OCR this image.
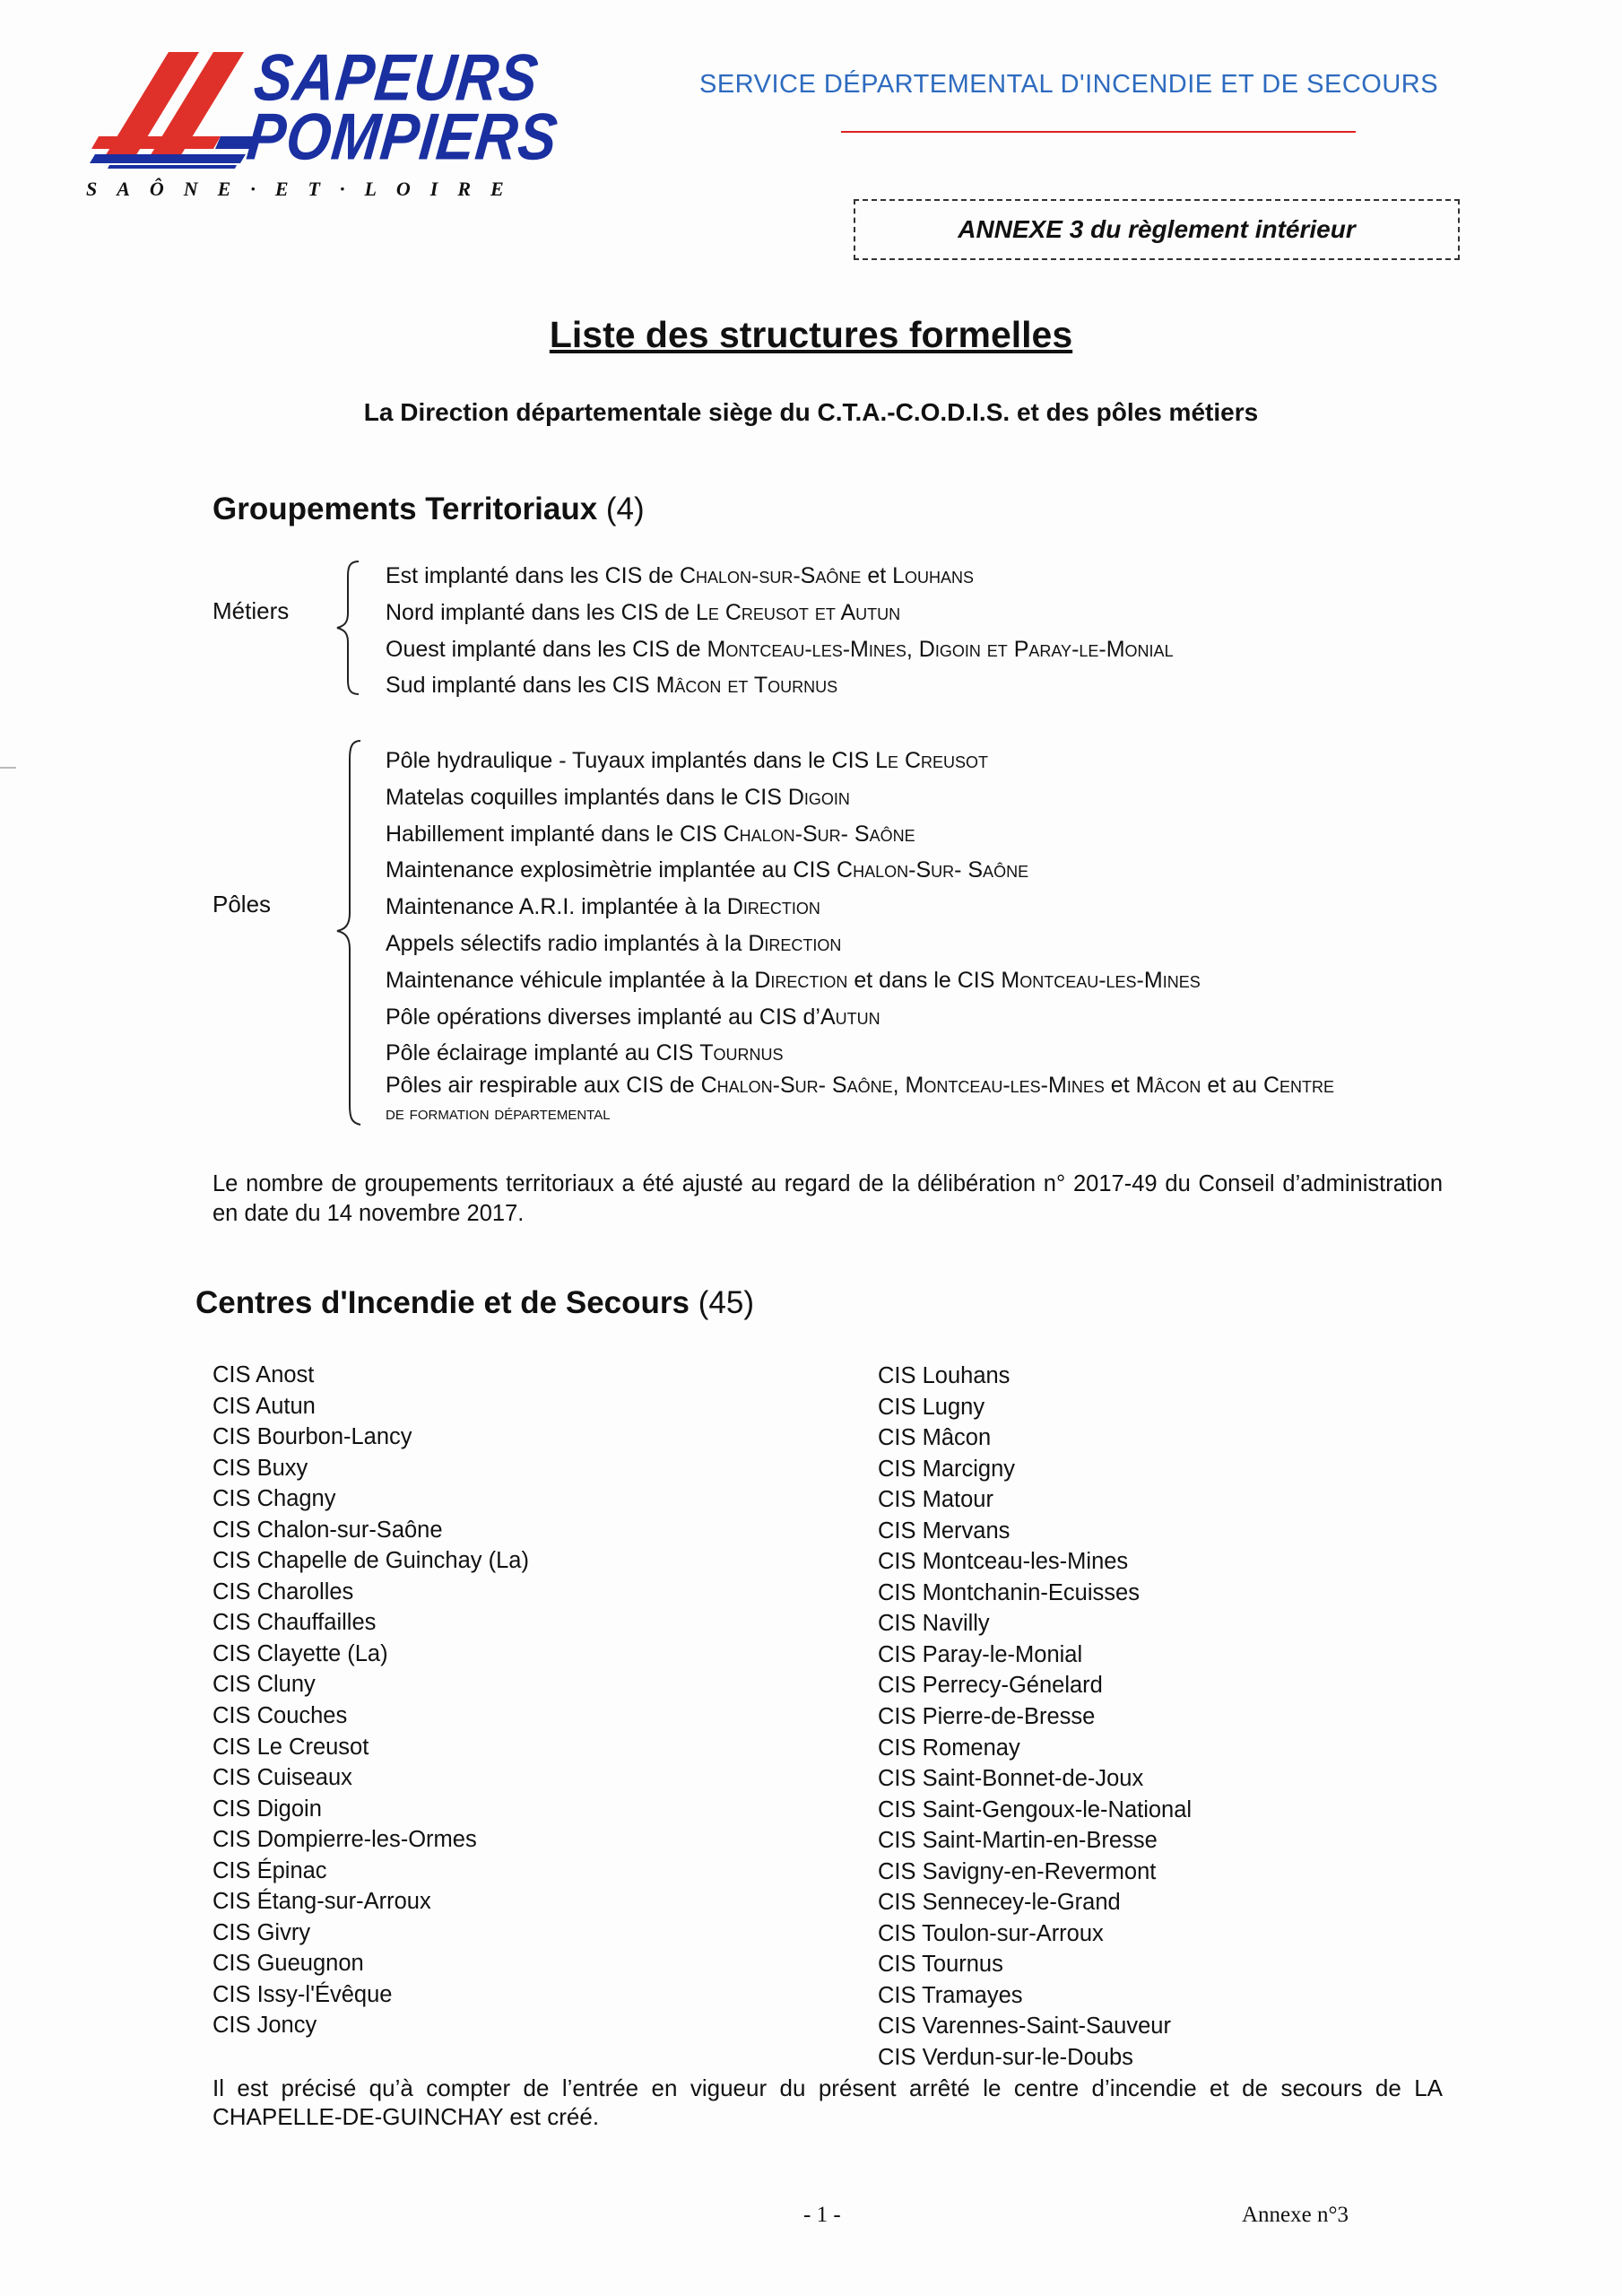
SAPEURS
POMPIERS
SAÔNE·ET·LOIRE
SERVICE DÉPARTEMENTAL D'INCENDIE ET DE SECOURS
ANNEXE 3 du règlement intérieur
Liste des structures formelles
La Direction départementale siège du C.T.A.-C.O.D.I.S. et des pôles métiers
Groupements Territoriaux (4)
Métiers
Est implanté dans les CIS de Chalon-sur-Saône et Louhans
Nord implanté dans les CIS de Le Creusot et Autun
Ouest implanté dans les CIS de Montceau-les-Mines, Digoin et Paray-le-Monial
Sud implanté dans les CIS Mâcon et Tournus
Pôles
Pôle hydraulique - Tuyaux implantés dans le CIS Le Creusot
Matelas coquilles implantés dans le CIS Digoin
Habillement implanté dans le CIS Chalon-Sur- Saône
Maintenance explosimètrie implantée au CIS Chalon-Sur- Saône
Maintenance A.R.I. implantée à la Direction
Appels sélectifs radio implantés à la Direction
Maintenance véhicule implantée à la Direction et dans le CIS Montceau-les-Mines
Pôle opérations diverses implanté au CIS d’Autun
Pôle éclairage implanté au CIS Tournus
Pôles air respirable aux CIS de Chalon-Sur- Saône, Montceau-les-Mines et Mâcon et au Centre
de formation départemental
Le nombre de groupements territoriaux a été ajusté au regard de la délibération n° 2017-49 du Conseil d’administration en date du 14 novembre 2017.
Centres d'Incendie et de Secours (45)
CIS Anost
CIS Autun
CIS Bourbon-Lancy
CIS Buxy
CIS Chagny
CIS Chalon-sur-Saône
CIS Chapelle de Guinchay (La)
CIS Charolles
CIS Chauffailles
CIS Clayette (La)
CIS Cluny
CIS Couches
CIS Le Creusot
CIS Cuiseaux
CIS Digoin
CIS Dompierre-les-Ormes
CIS Épinac
CIS Étang-sur-Arroux
CIS Givry
CIS Gueugnon
CIS Issy-l'Évêque
CIS Joncy
CIS Louhans
CIS Lugny
CIS Mâcon
CIS Marcigny
CIS Matour
CIS Mervans
CIS Montceau-les-Mines
CIS Montchanin-Ecuisses
CIS Navilly
CIS Paray-le-Monial
CIS Perrecy-Génelard
CIS Pierre-de-Bresse
CIS Romenay
CIS Saint-Bonnet-de-Joux
CIS Saint-Gengoux-le-National
CIS Saint-Martin-en-Bresse
CIS Savigny-en-Revermont
CIS Sennecey-le-Grand
CIS Toulon-sur-Arroux
CIS Tournus
CIS Tramayes
CIS Varennes-Saint-Sauveur
CIS Verdun-sur-le-Doubs
Il est précisé qu’à compter de l’entrée en vigueur du présent arrêté le centre d’incendie et de secours de LA CHAPELLE-DE-GUINCHAY est créé.
- 1 -	Annexe n°3
